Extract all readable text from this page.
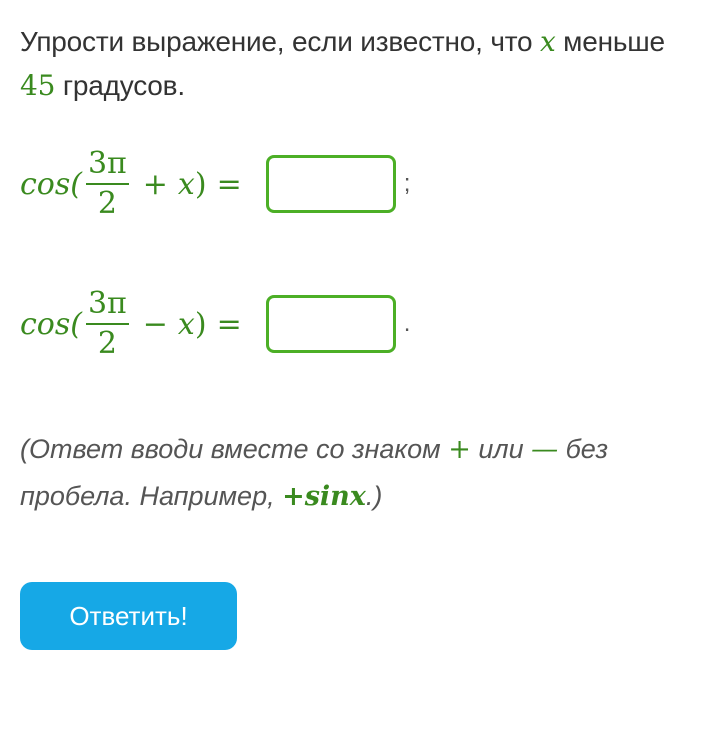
Упрости выражение, если известно, что x меньше
45 градусов.
$\cos( \frac{3\pi}{2} + x$ ) =	;
$\cos( \frac{3\pi}{2} - x$ ) =	.
(Ответ вводи вместе со знаком + или — без пробела. Например, +sinx.)
Ответить!
